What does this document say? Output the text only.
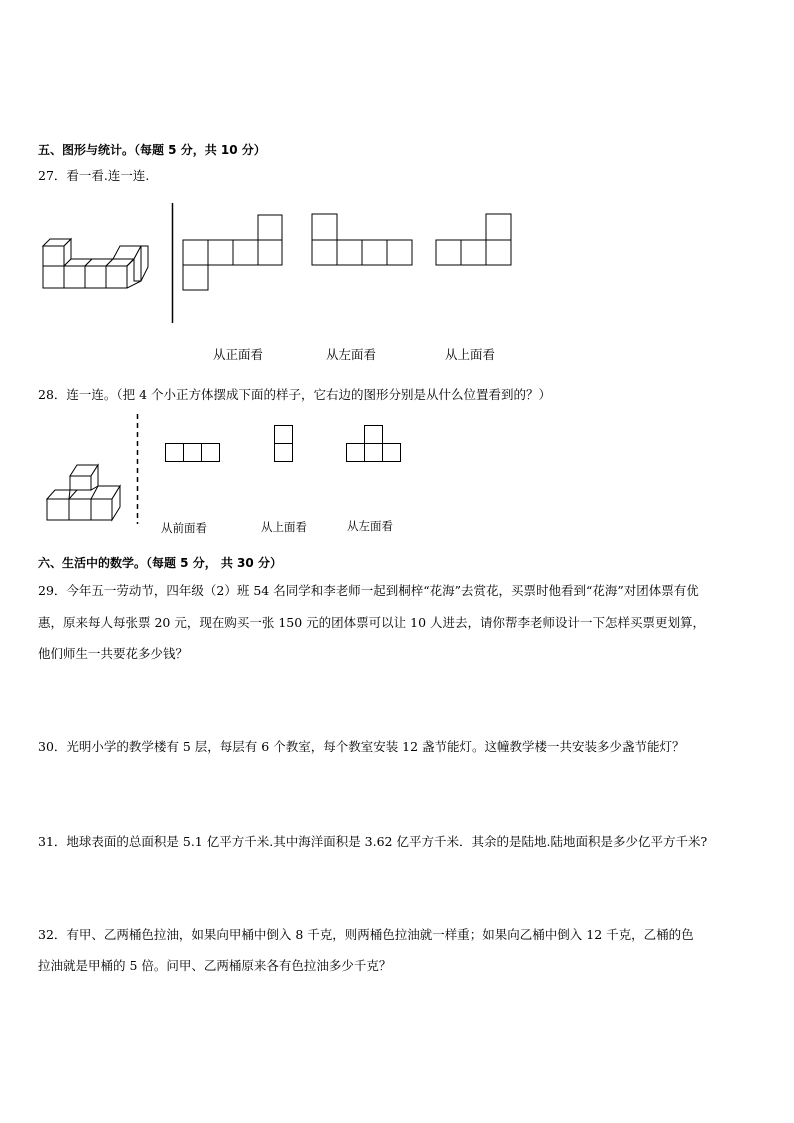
五、图形与统计。（每题 5 分，共 10 分）
27．看一看.连一连.
从正面看	从左面看	从上面看
28．连一连。（把 4 个小正方体摆成下面的样子，它右边的图形分别是从什么位置看到的？）
从前面看	从上面看	从左面看
六、生活中的数学。（每题 5 分， 共 30 分）
29．今年五一劳动节，四年级（2）班 54 名同学和李老师一起到桐梓“花海”去赏花，买票时他看到“花海”对团体票有优
惠，原来每人每张票 20 元，现在购买一张 150 元的团体票可以让 10 人进去，请你帮李老师设计一下怎样买票更划算，
他们师生一共要花多少钱？
30．光明小学的教学楼有 5 层，每层有 6 个教室，每个教室安装 12 盏节能灯。这幢教学楼一共安装多少盏节能灯？
31．地球表面的总面积是 5.1 亿平方千米.其中海洋面积是 3.62 亿平方千米．其余的是陆地.陆地面积是多少亿平方千米?
32．有甲、乙两桶色拉油，如果向甲桶中倒入 8 千克，则两桶色拉油就一样重；如果向乙桶中倒入 12 千克，乙桶的色
拉油就是甲桶的 5 倍。问甲、乙两桶原来各有色拉油多少千克？
